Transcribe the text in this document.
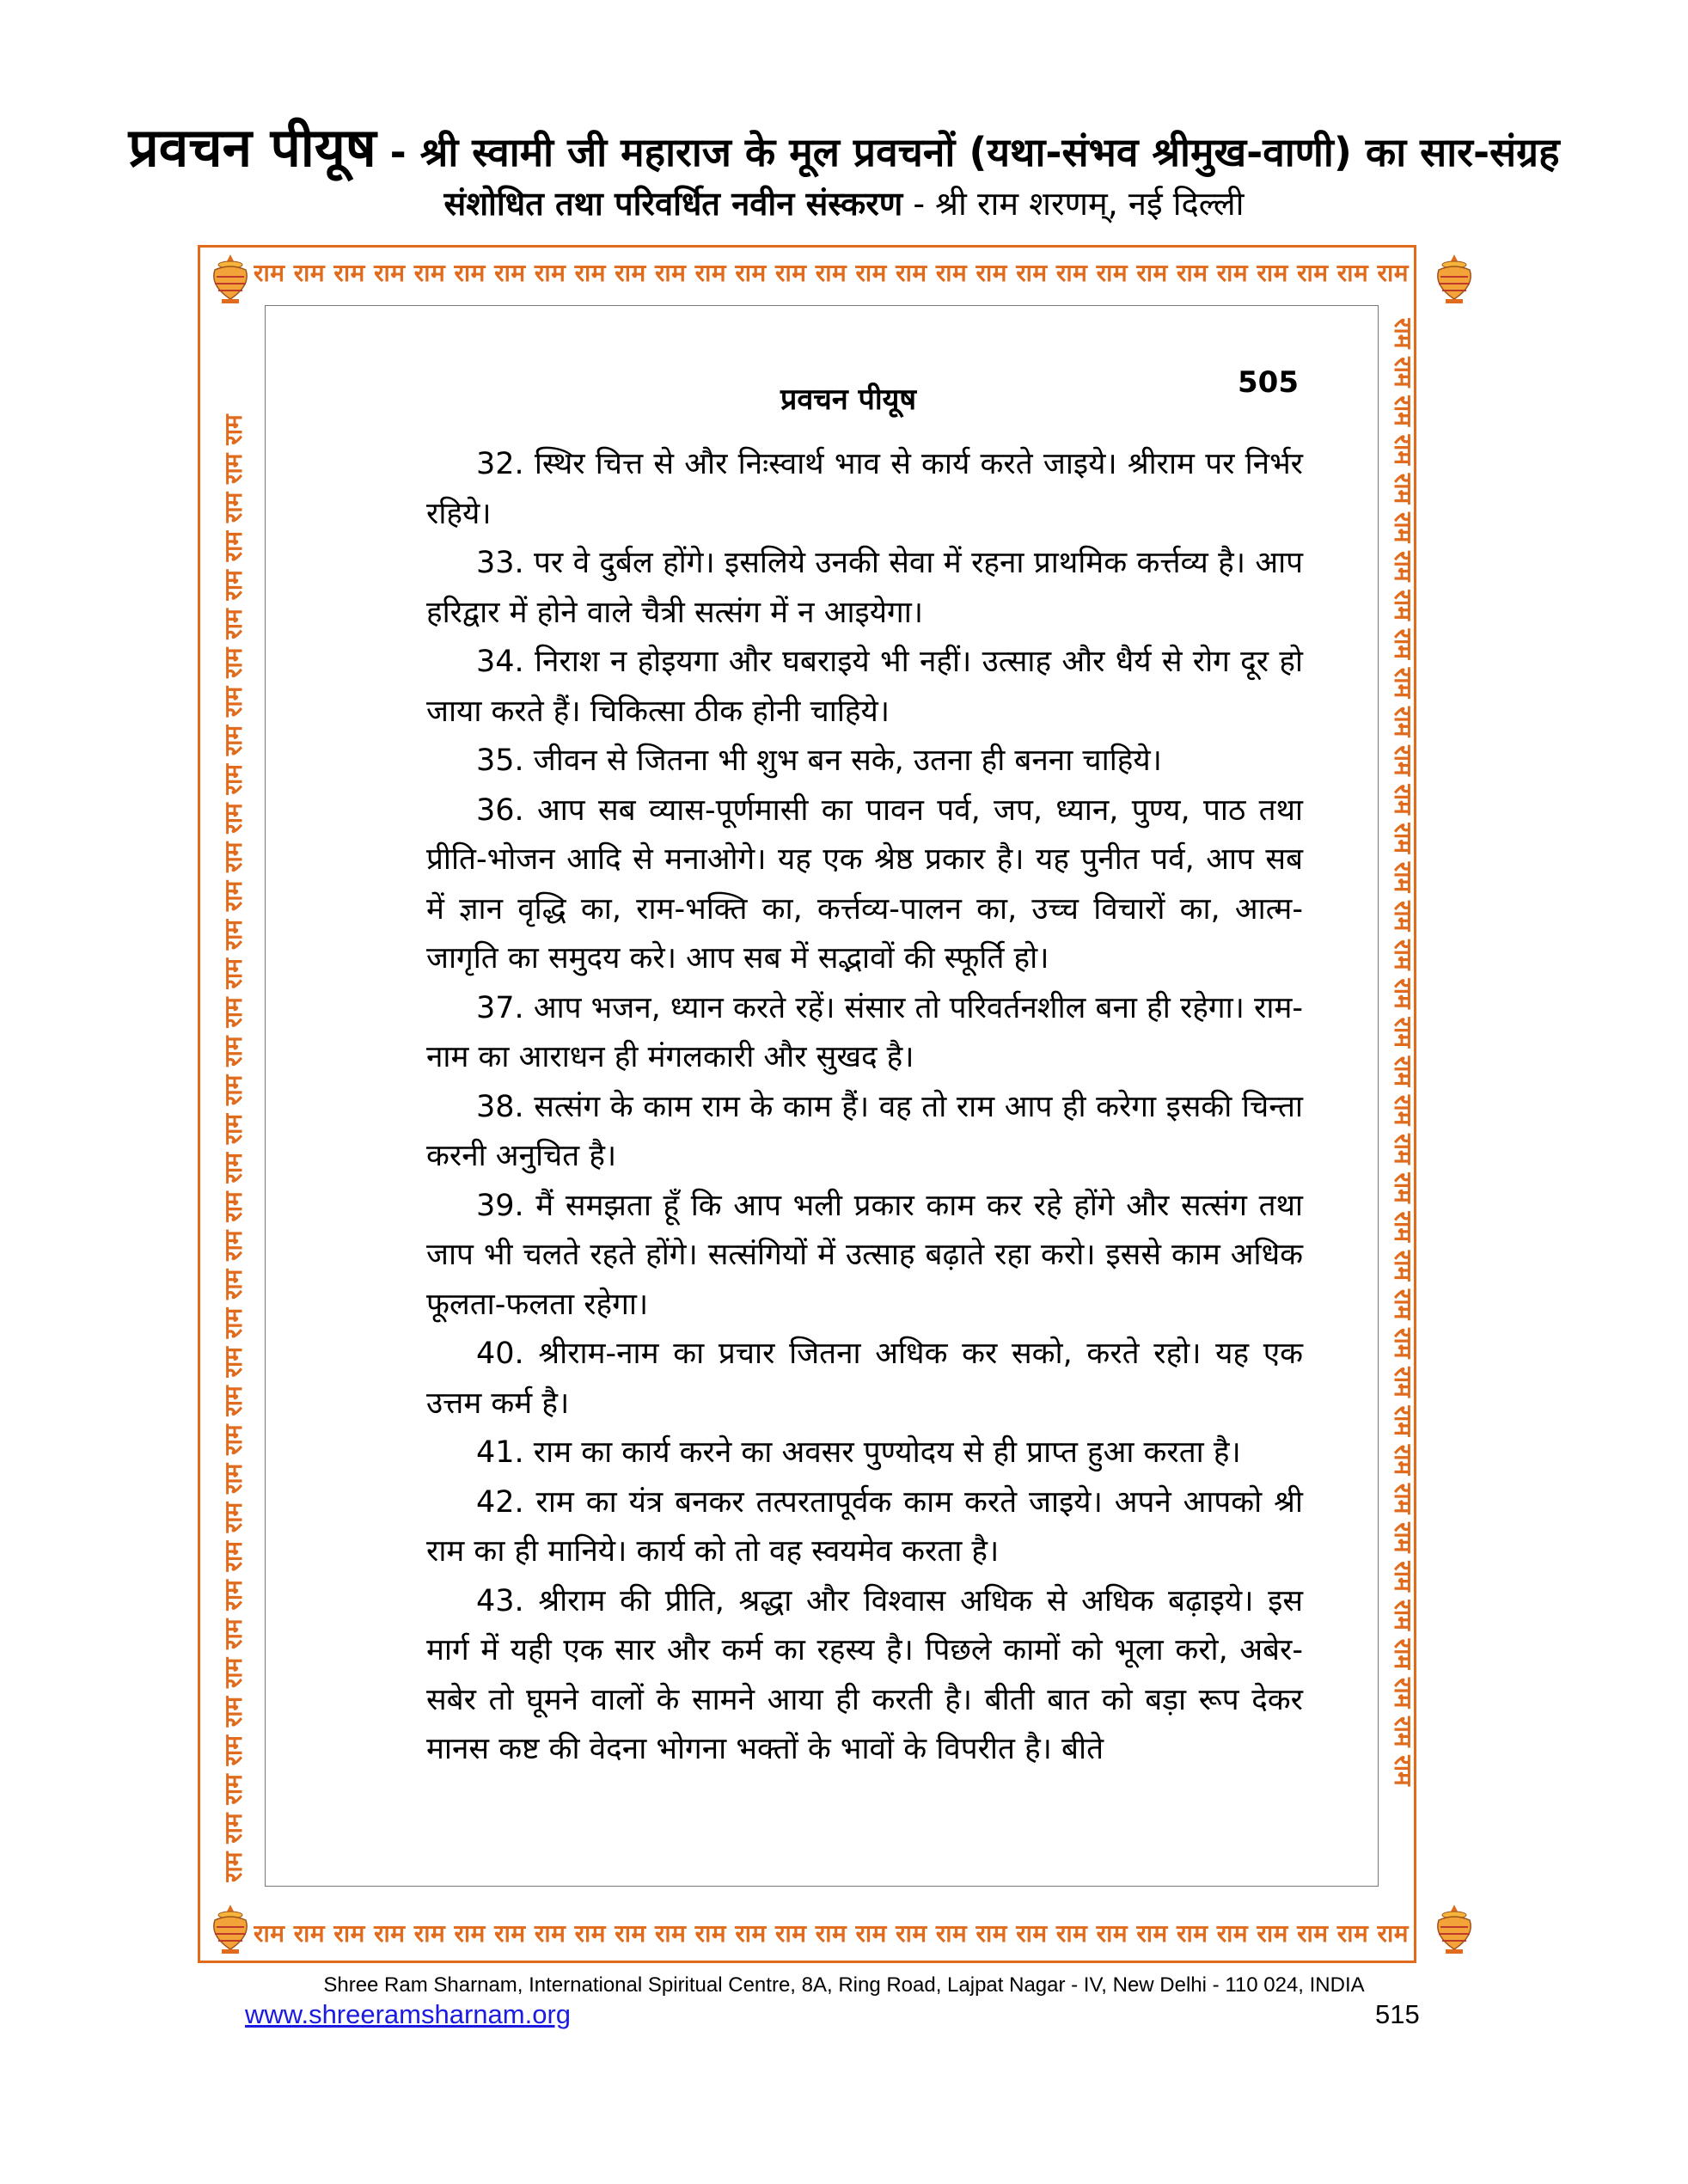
प्रवचन पीयूष - श्री स्वामी जी महाराज के मूल प्रवचनों (यथा-संभव श्रीमुख-वाणी) का सार-संग्रह
संशोधित तथा परिवर्धित नवीन संस्करण - श्री राम शरणम्, नई दिल्ली
राम राम राम राम राम राम राम राम राम राम राम राम राम राम राम राम राम राम राम राम राम राम राम राम राम राम राम राम राम
राम राम राम राम राम राम राम राम राम राम राम राम राम राम राम राम राम राम राम राम राम राम राम राम राम राम राम राम राम
राम राम राम राम राम राम राम राम राम राम राम राम राम राम राम राम राम राम राम राम राम राम राम राम राम राम राम राम राम राम राम राम राम राम राम राम राम राम	राम राम राम राम राम राम राम राम राम राम राम राम राम राम राम राम राम राम राम राम राम राम राम राम राम राम राम राम राम राम राम राम राम राम राम राम राम राम
प्रवचन पीयूष	505

32. स्थिर चित्त से और निःस्वार्थ भाव से कार्य करते जाइये। श्रीराम पर निर्भर रहिये।

33. पर वे दुर्बल होंगे। इसलिये उनकी सेवा में रहना प्राथमिक कर्त्तव्य है। आप हरिद्वार में होने वाले चैत्री सत्संग में न आइयेगा।

34. निराश न होइयगा और घबराइये भी नहीं। उत्साह और धैर्य से रोग दूर हो जाया करते हैं। चिकित्सा ठीक होनी चाहिये।

35. जीवन से जितना भी शुभ बन सके, उतना ही बनना चाहिये।

36. आप सब व्यास-पूर्णमासी का पावन पर्व, जप, ध्यान, पुण्य, पाठ तथा प्रीति-भोजन आदि से मनाओगे। यह एक श्रेष्ठ प्रकार है। यह पुनीत पर्व, आप सब में ज्ञान वृद्धि का, राम-भक्ति का, कर्त्तव्य-पालन का, उच्च विचारों का, आत्म-जागृति का समुदय करे। आप सब में सद्भावों की स्फूर्ति हो।

37. आप भजन, ध्यान करते रहें। संसार तो परिवर्तनशील बना ही रहेगा। राम-नाम का आराधन ही मंगलकारी और सुखद है।

38. सत्संग के काम राम के काम हैं। वह तो राम आप ही करेगा इसकी चिन्ता करनी अनुचित है।

39. मैं समझता हूँ कि आप भली प्रकार काम कर रहे होंगे और सत्संग तथा जाप भी चलते रहते होंगे। सत्संगियों में उत्साह बढ़ाते रहा करो। इससे काम अधिक फूलता-फलता रहेगा।

40. श्रीराम-नाम का प्रचार जितना अधिक कर सको, करते रहो। यह एक उत्तम कर्म है।

41. राम का कार्य करने का अवसर पुण्योदय से ही प्राप्त हुआ करता है।

42. राम का यंत्र बनकर तत्परतापूर्वक काम करते जाइये। अपने आपको श्री राम का ही मानिये। कार्य को तो वह स्वयमेव करता है।

43. श्रीराम की प्रीति, श्रद्धा और विश्वास अधिक से अधिक बढ़ाइये। इस मार्ग में यही एक सार और कर्म का रहस्य है। पिछले कामों को भूला करो, अबेर-सबेर तो घूमने वालों के सामने आया ही करती है। बीती बात को बड़ा रूप देकर मानस कष्ट की वेदना भोगना भक्तों के भावों के विपरीत है। बीते

Shree Ram Sharnam, International Spiritual Centre, 8A, Ring Road, Lajpat Nagar - IV, New Delhi - 110 024, INDIA
www.shreeramsharnam.org	515
